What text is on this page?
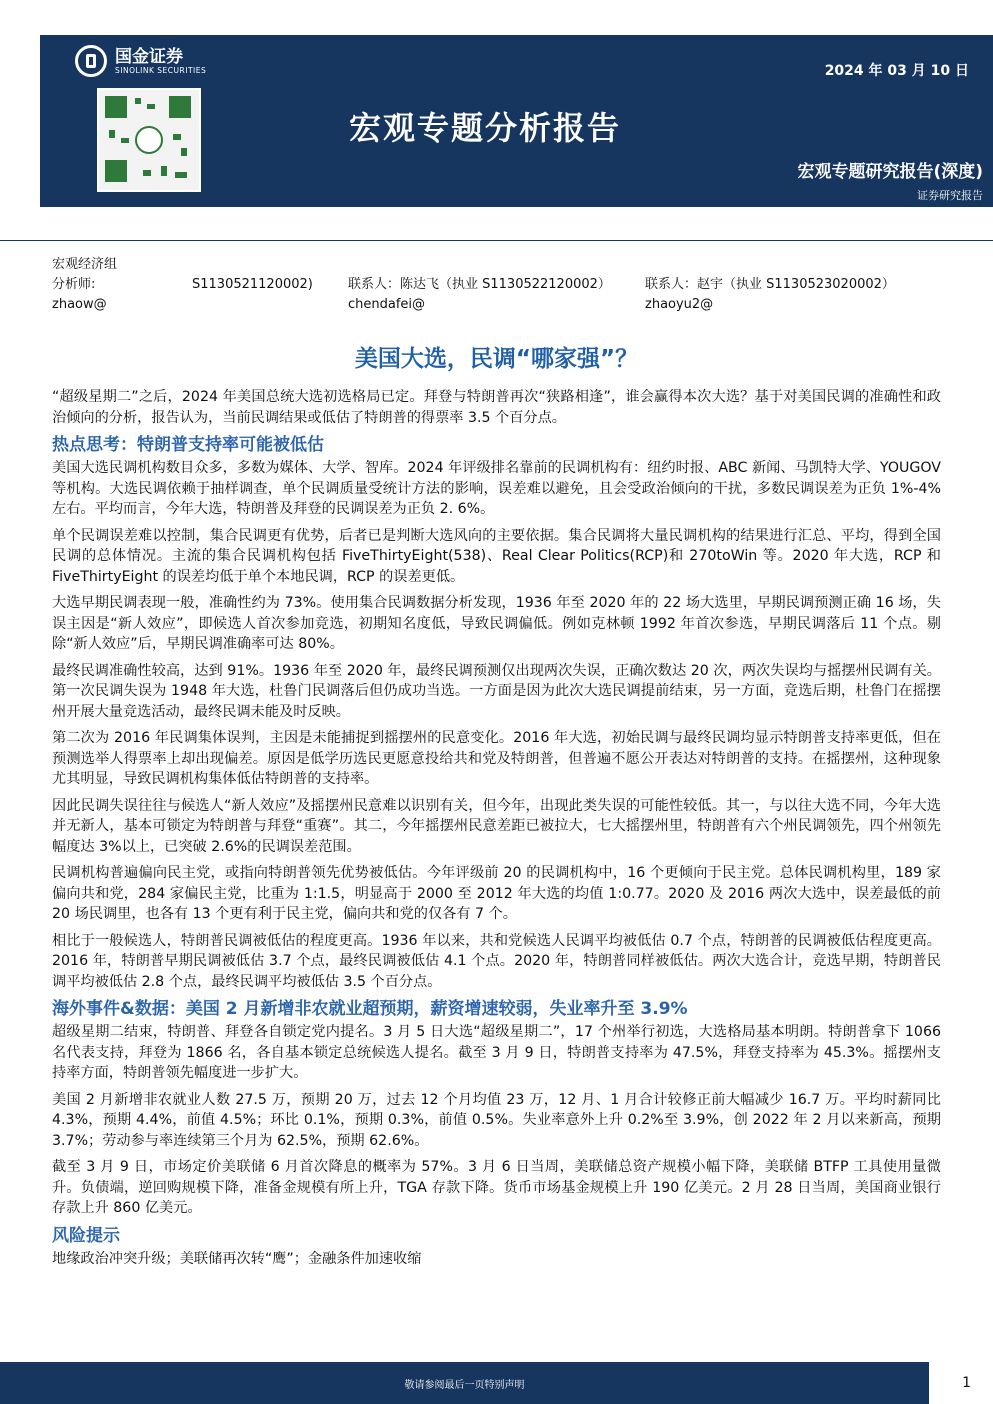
国金证券
SINOLINK SECURITIES	2024 年 03 月 10 日
宏观专题分析报告
宏观专题研究报告(深度)
证券研究报告
宏观经济组
分析师:	S1130521120002)	联系人：陈达飞（执业 S1130522120002）	联系人：赵宇（执业 S1130523020002）
zhaow@	chendafei@	zhaoyu2@
美国大选，民调“哪家强”？

“超级星期二”之后，2024 年美国总统大选初选格局已定。拜登与特朗普再次“狭路相逢”，谁会赢得本次大选？基于对美国民调的准确性和政治倾向的分析，报告认为，当前民调结果或低估了特朗普的得票率 3.5 个百分点。

热点思考：特朗普支持率可能被低估

美国大选民调机构数目众多，多数为媒体、大学、智库。2024 年评级排名靠前的民调机构有：纽约时报、ABC 新闻、马凯特大学、YOUGOV 等机构。大选民调依赖于抽样调查，单个民调质量受统计方法的影响，误差难以避免，且会受政治倾向的干扰，多数民调误差为正负 1%-4%左右。平均而言，今年大选，特朗普及拜登的民调误差为正负 2. 6%。

单个民调误差难以控制，集合民调更有优势，后者已是判断大选风向的主要依据。集合民调将大量民调机构的结果进行汇总、平均，得到全国民调的总体情况。主流的集合民调机构包括 FiveThirtyEight(538)、Real Clear Politics(RCP)和 270toWin 等。2020 年大选，RCP 和 FiveThirtyEight 的误差均低于单个本地民调，RCP 的误差更低。

大选早期民调表现一般，准确性约为 73%。使用集合民调数据分析发现，1936 年至 2020 年的 22 场大选里，早期民调预测正确 16 场，失误主因是“新人效应”，即候选人首次参加竞选，初期知名度低，导致民调偏低。例如克林顿 1992 年首次参选，早期民调落后 11 个点。剔除“新人效应”后，早期民调准确率可达 80%。

最终民调准确性较高，达到 91%。1936 年至 2020 年，最终民调预测仅出现两次失误，正确次数达 20 次，两次失误均与摇摆州民调有关。第一次民调失误为 1948 年大选，杜鲁门民调落后但仍成功当选。一方面是因为此次大选民调提前结束，另一方面，竞选后期，杜鲁门在摇摆州开展大量竞选活动，最终民调未能及时反映。

第二次为 2016 年民调集体误判，主因是未能捕捉到摇摆州的民意变化。2016 年大选，初始民调与最终民调均显示特朗普支持率更低，但在预测选举人得票率上却出现偏差。原因是低学历选民更愿意投给共和党及特朗普，但普遍不愿公开表达对特朗普的支持。在摇摆州，这种现象尤其明显，导致民调机构集体低估特朗普的支持率。

因此民调失误往往与候选人“新人效应”及摇摆州民意难以识别有关，但今年，出现此类失误的可能性较低。其一，与以往大选不同，今年大选并无新人，基本可锁定为特朗普与拜登“重赛”。其二，今年摇摆州民意差距已被拉大，七大摇摆州里，特朗普有六个州民调领先，四个州领先幅度达 3%以上，已突破 2.6%的民调误差范围。

民调机构普遍偏向民主党，或指向特朗普领先优势被低估。今年评级前 20 的民调机构中，16 个更倾向于民主党。总体民调机构里，189 家偏向共和党，284 家偏民主党，比重为 1:1.5，明显高于 2000 至 2012 年大选的均值 1:0.77。2020 及 2016 两次大选中，误差最低的前 20 场民调里，也各有 13 个更有利于民主党，偏向共和党的仅各有 7 个。

相比于一般候选人，特朗普民调被低估的程度更高。1936 年以来，共和党候选人民调平均被低估 0.7 个点，特朗普的民调被低估程度更高。2016 年，特朗普早期民调被低估 3.7 个点，最终民调被低估 4.1 个点。2020 年，特朗普同样被低估。两次大选合计，竞选早期，特朗普民调平均被低估 2.8 个点，最终民调平均被低估 3.5 个百分点。

海外事件&数据：美国 2 月新增非农就业超预期，薪资增速较弱，失业率升至 3.9%

超级星期二结束，特朗普、拜登各自锁定党内提名。3 月 5 日大选“超级星期二”，17 个州举行初选，大选格局基本明朗。特朗普拿下 1066 名代表支持，拜登为 1866 名，各自基本锁定总统候选人提名。截至 3 月 9 日，特朗普支持率为 47.5%，拜登支持率为 45.3%。摇摆州支持率方面，特朗普领先幅度进一步扩大。

美国 2 月新增非农就业人数 27.5 万，预期 20 万，过去 12 个月均值 23 万，12 月、1 月合计较修正前大幅减少 16.7 万。平均时薪同比 4.3%，预期 4.4%，前值 4.5%；环比 0.1%，预期 0.3%，前值 0.5%。失业率意外上升 0.2%至 3.9%，创 2022 年 2 月以来新高，预期 3.7%；劳动参与率连续第三个月为 62.5%，预期 62.6%。

截至 3 月 9 日，市场定价美联储 6 月首次降息的概率为 57%。3 月 6 日当周，美联储总资产规模小幅下降，美联储 BTFP 工具使用量微升。负债端，逆回购规模下降，准备金规模有所上升，TGA 存款下降。货币市场基金规模上升 190 亿美元。2 月 28 日当周，美国商业银行存款上升 860 亿美元。

风险提示

地缘政治冲突升级；美联储再次转“鹰”；金融条件加速收缩

敬请参阅最后一页特别声明	1
